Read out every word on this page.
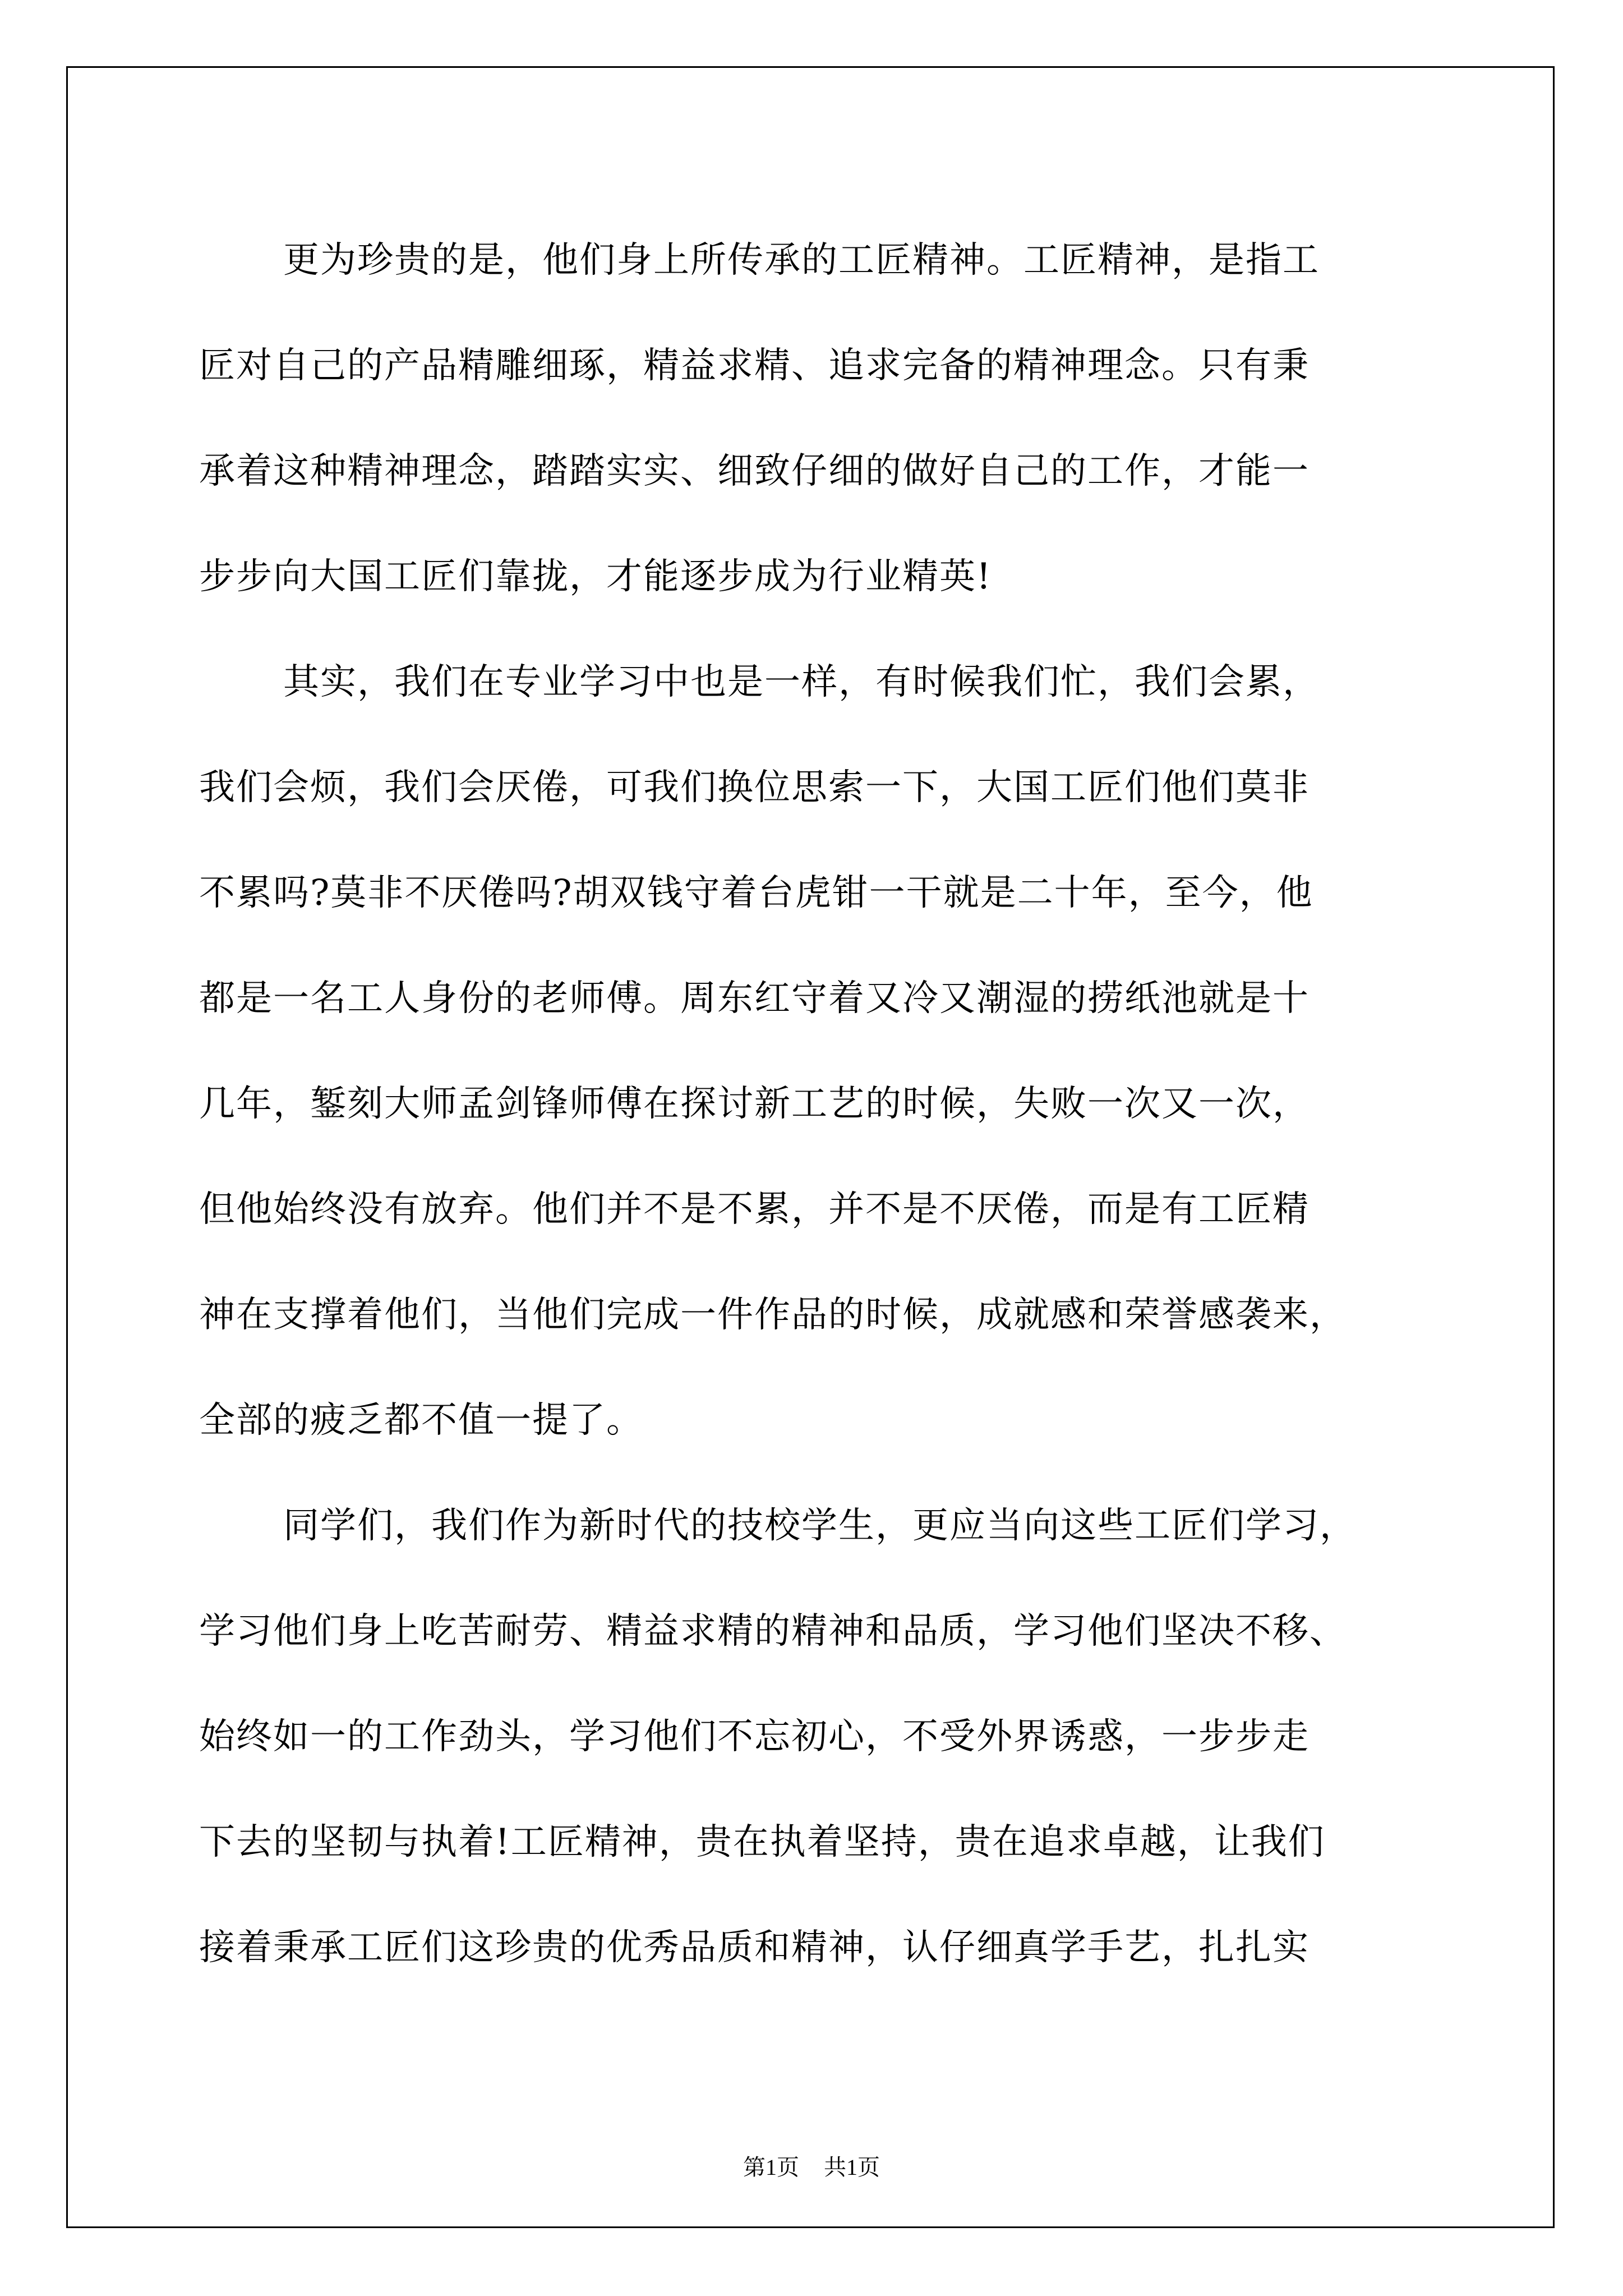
更为珍贵的是，他们身上所传承的工匠精神。工匠精神，是指工
匠对自己的产品精雕细琢，精益求精、追求完备的精神理念。只有秉
承着这种精神理念，踏踏实实、细致仔细的做好自己的工作，才能一
步步向大国工匠们靠拢，才能逐步成为行业精英!
其实，我们在专业学习中也是一样，有时候我们忙，我们会累，
我们会烦，我们会厌倦，可我们换位思索一下，大国工匠们他们莫非
不累吗?莫非不厌倦吗?胡双钱守着台虎钳一干就是二十年，至今，他
都是一名工人身份的老师傅。周东红守着又冷又潮湿的捞纸池就是十
几年，錾刻大师孟剑锋师傅在探讨新工艺的时候，失败一次又一次，
但他始终没有放弃。他们并不是不累，并不是不厌倦，而是有工匠精
神在支撑着他们，当他们完成一件作品的时候，成就感和荣誉感袭来，
全部的疲乏都不值一提了。
同学们，我们作为新时代的技校学生，更应当向这些工匠们学习，
学习他们身上吃苦耐劳、精益求精的精神和品质，学习他们坚决不移、
始终如一的工作劲头，学习他们不忘初心，不受外界诱惑，一步步走
下去的坚韧与执着!工匠精神，贵在执着坚持，贵在追求卓越，让我们
接着秉承工匠们这珍贵的优秀品质和精神，认仔细真学手艺，扎扎实
第1页 共1页
